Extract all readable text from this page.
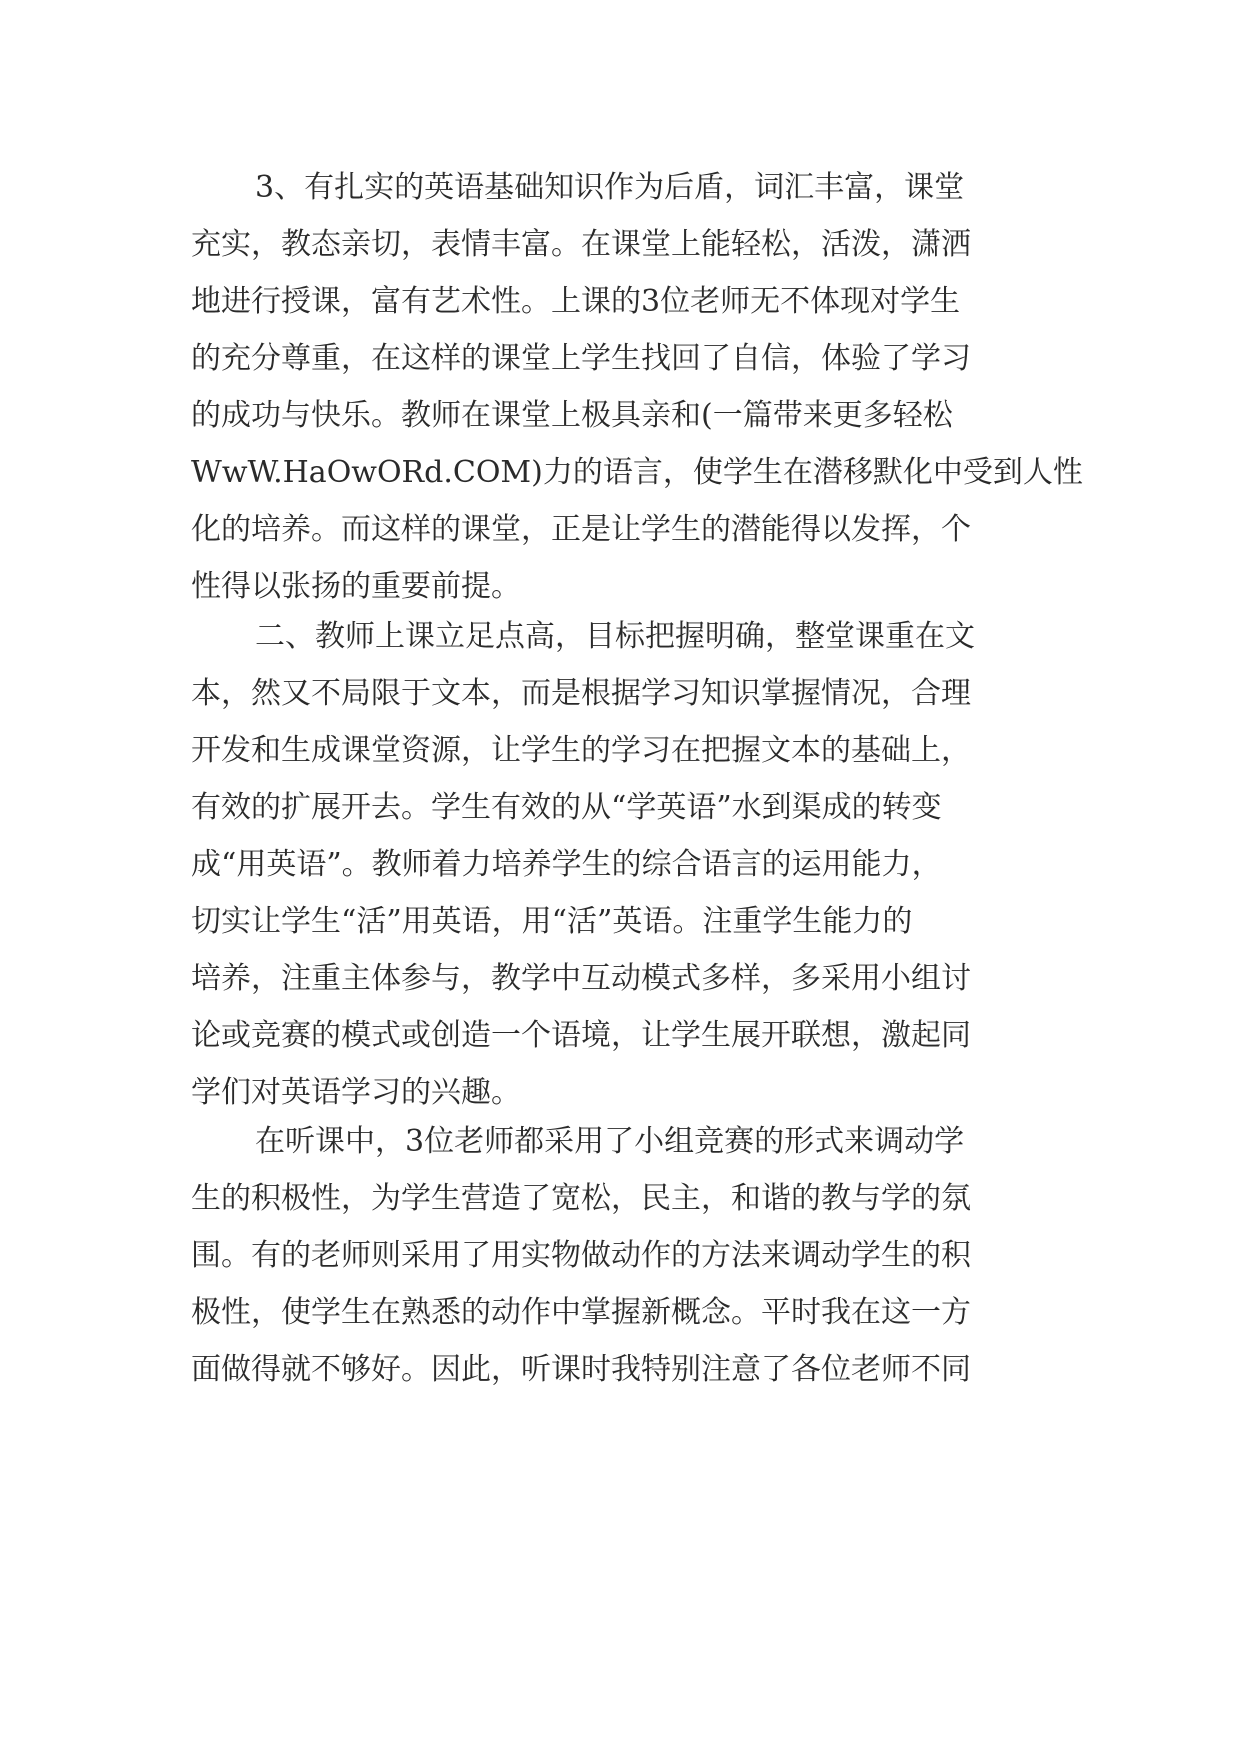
3、有扎实的英语基础知识作为后盾，词汇丰富，课堂
充实，教态亲切，表情丰富。在课堂上能轻松，活泼，潇洒
地进行授课，富有艺术性。上课的3位老师无不体现对学生
的充分尊重，在这样的课堂上学生找回了自信，体验了学习
的成功与快乐。教师在课堂上极具亲和(一篇带来更多轻松
WwW.HaOwORd.COM)力的语言，使学生在潜移默化中受到人性
化的培养。而这样的课堂，正是让学生的潜能得以发挥，个
性得以张扬的重要前提。
二、教师上课立足点高，目标把握明确，整堂课重在文
本，然又不局限于文本，而是根据学习知识掌握情况，合理
开发和生成课堂资源，让学生的学习在把握文本的基础上，
有效的扩展开去。学生有效的从“学英语”水到渠成的转变
成“用英语”。教师着力培养学生的综合语言的运用能力，
切实让学生“活”用英语，用“活”英语。注重学生能力的
培养，注重主体参与，教学中互动模式多样，多采用小组讨
论或竞赛的模式或创造一个语境，让学生展开联想，激起同
学们对英语学习的兴趣。
在听课中，3位老师都采用了小组竞赛的形式来调动学
生的积极性，为学生营造了宽松，民主，和谐的教与学的氛
围。有的老师则采用了用实物做动作的方法来调动学生的积
极性，使学生在熟悉的动作中掌握新概念。平时我在这一方
面做得就不够好。因此，听课时我特别注意了各位老师不同
